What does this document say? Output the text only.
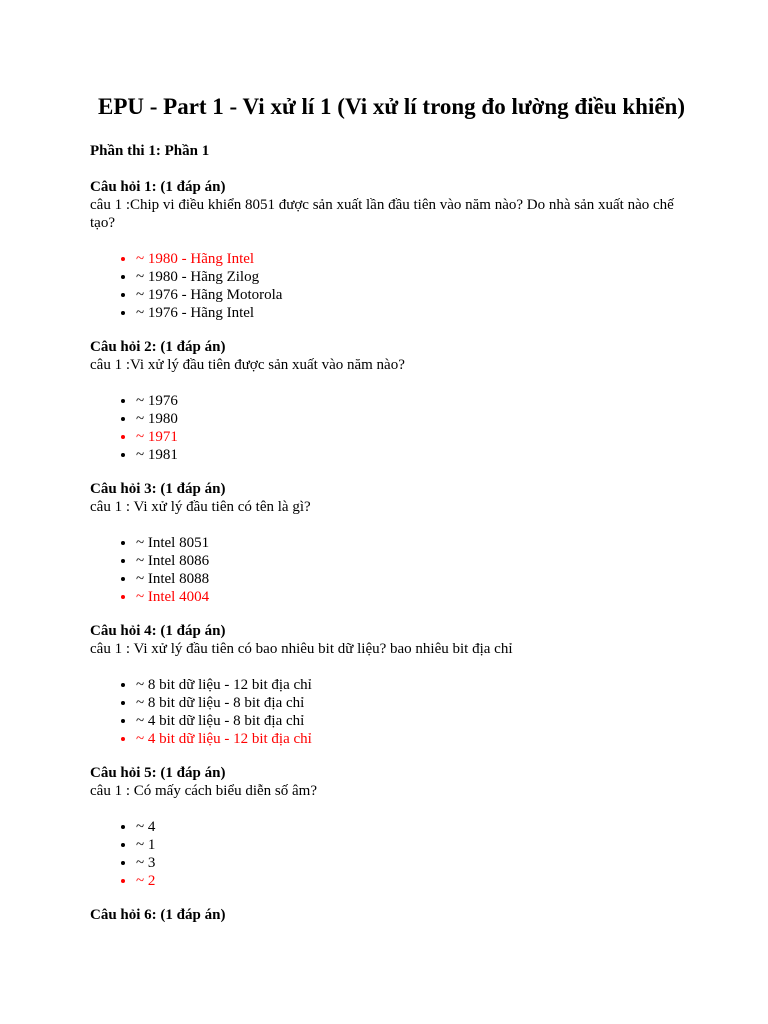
EPU - Part 1 - Vi xử lí 1 (Vi xử lí trong đo lường điều khiển)
Phần thi 1: Phần 1
Câu hỏi 1: (1 đáp án)
câu 1 :Chip vi điều khiển 8051 được sản xuất lần đầu tiên vào năm nào? Do nhà sản xuất nào chế tạo?
• ~ 1980 - Hãng Intel
• ~ 1980 - Hãng Zilog
• ~ 1976 - Hãng Motorola
• ~ 1976 - Hãng Intel
Câu hỏi 2: (1 đáp án)
câu 1 :Vi xử lý đầu tiên được sản xuất vào năm nào?
• ~ 1976
• ~ 1980
• ~ 1971
• ~ 1981
Câu hỏi 3: (1 đáp án)
câu 1 : Vi xử lý đầu tiên có tên là gì?
• ~ Intel 8051
• ~ Intel 8086
• ~ Intel 8088
• ~ Intel 4004
Câu hỏi 4: (1 đáp án)
câu 1 : Vi xử lý đầu tiên có bao nhiêu bit dữ liệu? bao nhiêu bit địa chỉ
• ~ 8 bit dữ liệu - 12 bit địa chỉ
• ~ 8 bit dữ liệu - 8 bit địa chỉ
• ~ 4 bit dữ liệu - 8 bit địa chỉ
• ~ 4 bit dữ liệu - 12 bit địa chỉ
Câu hỏi 5: (1 đáp án)
câu 1 : Có mấy cách biểu diễn số âm?
• ~ 4
• ~ 1
• ~ 3
• ~ 2
Câu hỏi 6: (1 đáp án)
